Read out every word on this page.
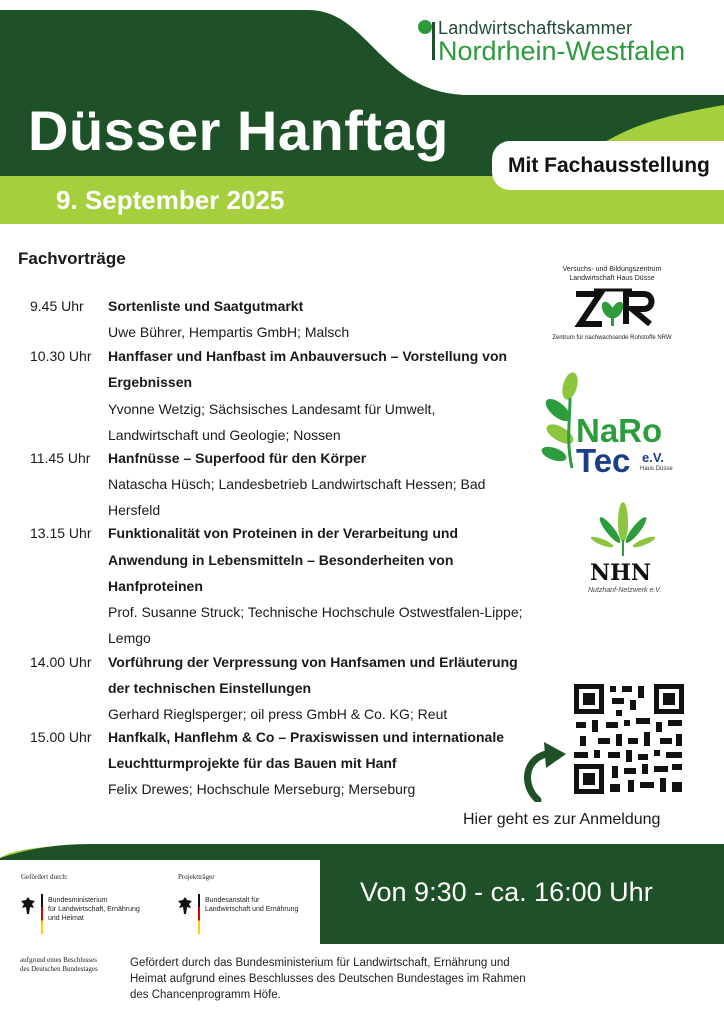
Landwirtschaftskammer
Nordrhein-Westfalen
Düsser Hanftag
Mit Fachausstellung
9. September 2025
Fachvorträge
9.45 Uhr Sortenliste und Saatgutmarkt
Uwe Bührer, Hempartis GmbH; Malsch
10.30 Uhr Hanffaser und Hanfbast im Anbauversuch – Vorstellung von
Ergebnissen
Yvonne Wetzig; Sächsisches Landesamt für Umwelt,
Landwirtschaft und Geologie; Nossen
11.45 Uhr Hanfnüsse – Superfood für den Körper
Natascha Hüsch; Landesbetrieb Landwirtschaft Hessen; Bad
Hersfeld
13.15 Uhr Funktionalität von Proteinen in der Verarbeitung und
Anwendung in Lebensmitteln – Besonderheiten von
Hanfproteinen
Prof. Susanne Struck; Technische Hochschule Ostwestfalen-Lippe;
Lemgo
14.00 Uhr Vorführung der Verpressung von Hanfsamen und Erläuterung
der technischen Einstellungen
Gerhard Rieglsperger; oil press GmbH & Co. KG; Reut
15.00 Uhr Hanfkalk, Hanflehm & Co – Praxiswissen und internationale
Leuchtturmprojekte für das Bauen mit Hanf
Felix Drewes; Hochschule Merseburg; Merseburg
Versuchs- und Bildungszentrum Landwirtschaft Haus Düsse
Zentrum für nachwachsende Rohstoffe NRW
NaRo
Tec e.V.
Haus Düsse
NHN
Nutzhanf-Netzwerk e.V.
Hier geht es zur Anmeldung
Von 9:30 - ca. 16:00 Uhr
Gefördert durch:
Bundesministerium
für Landwirtschaft, Ernährung
und Heimat
Projektträger
Bundesanstalt für
Landwirtschaft und Ernährung
aufgrund eines Beschlusses
des Deutschen Bundestages	Gefördert durch das Bundesministerium für Landwirtschaft, Ernährung und Heimat aufgrund eines Beschlusses des Deutschen Bundestages im Rahmen des Chancenprogramm Höfe.
